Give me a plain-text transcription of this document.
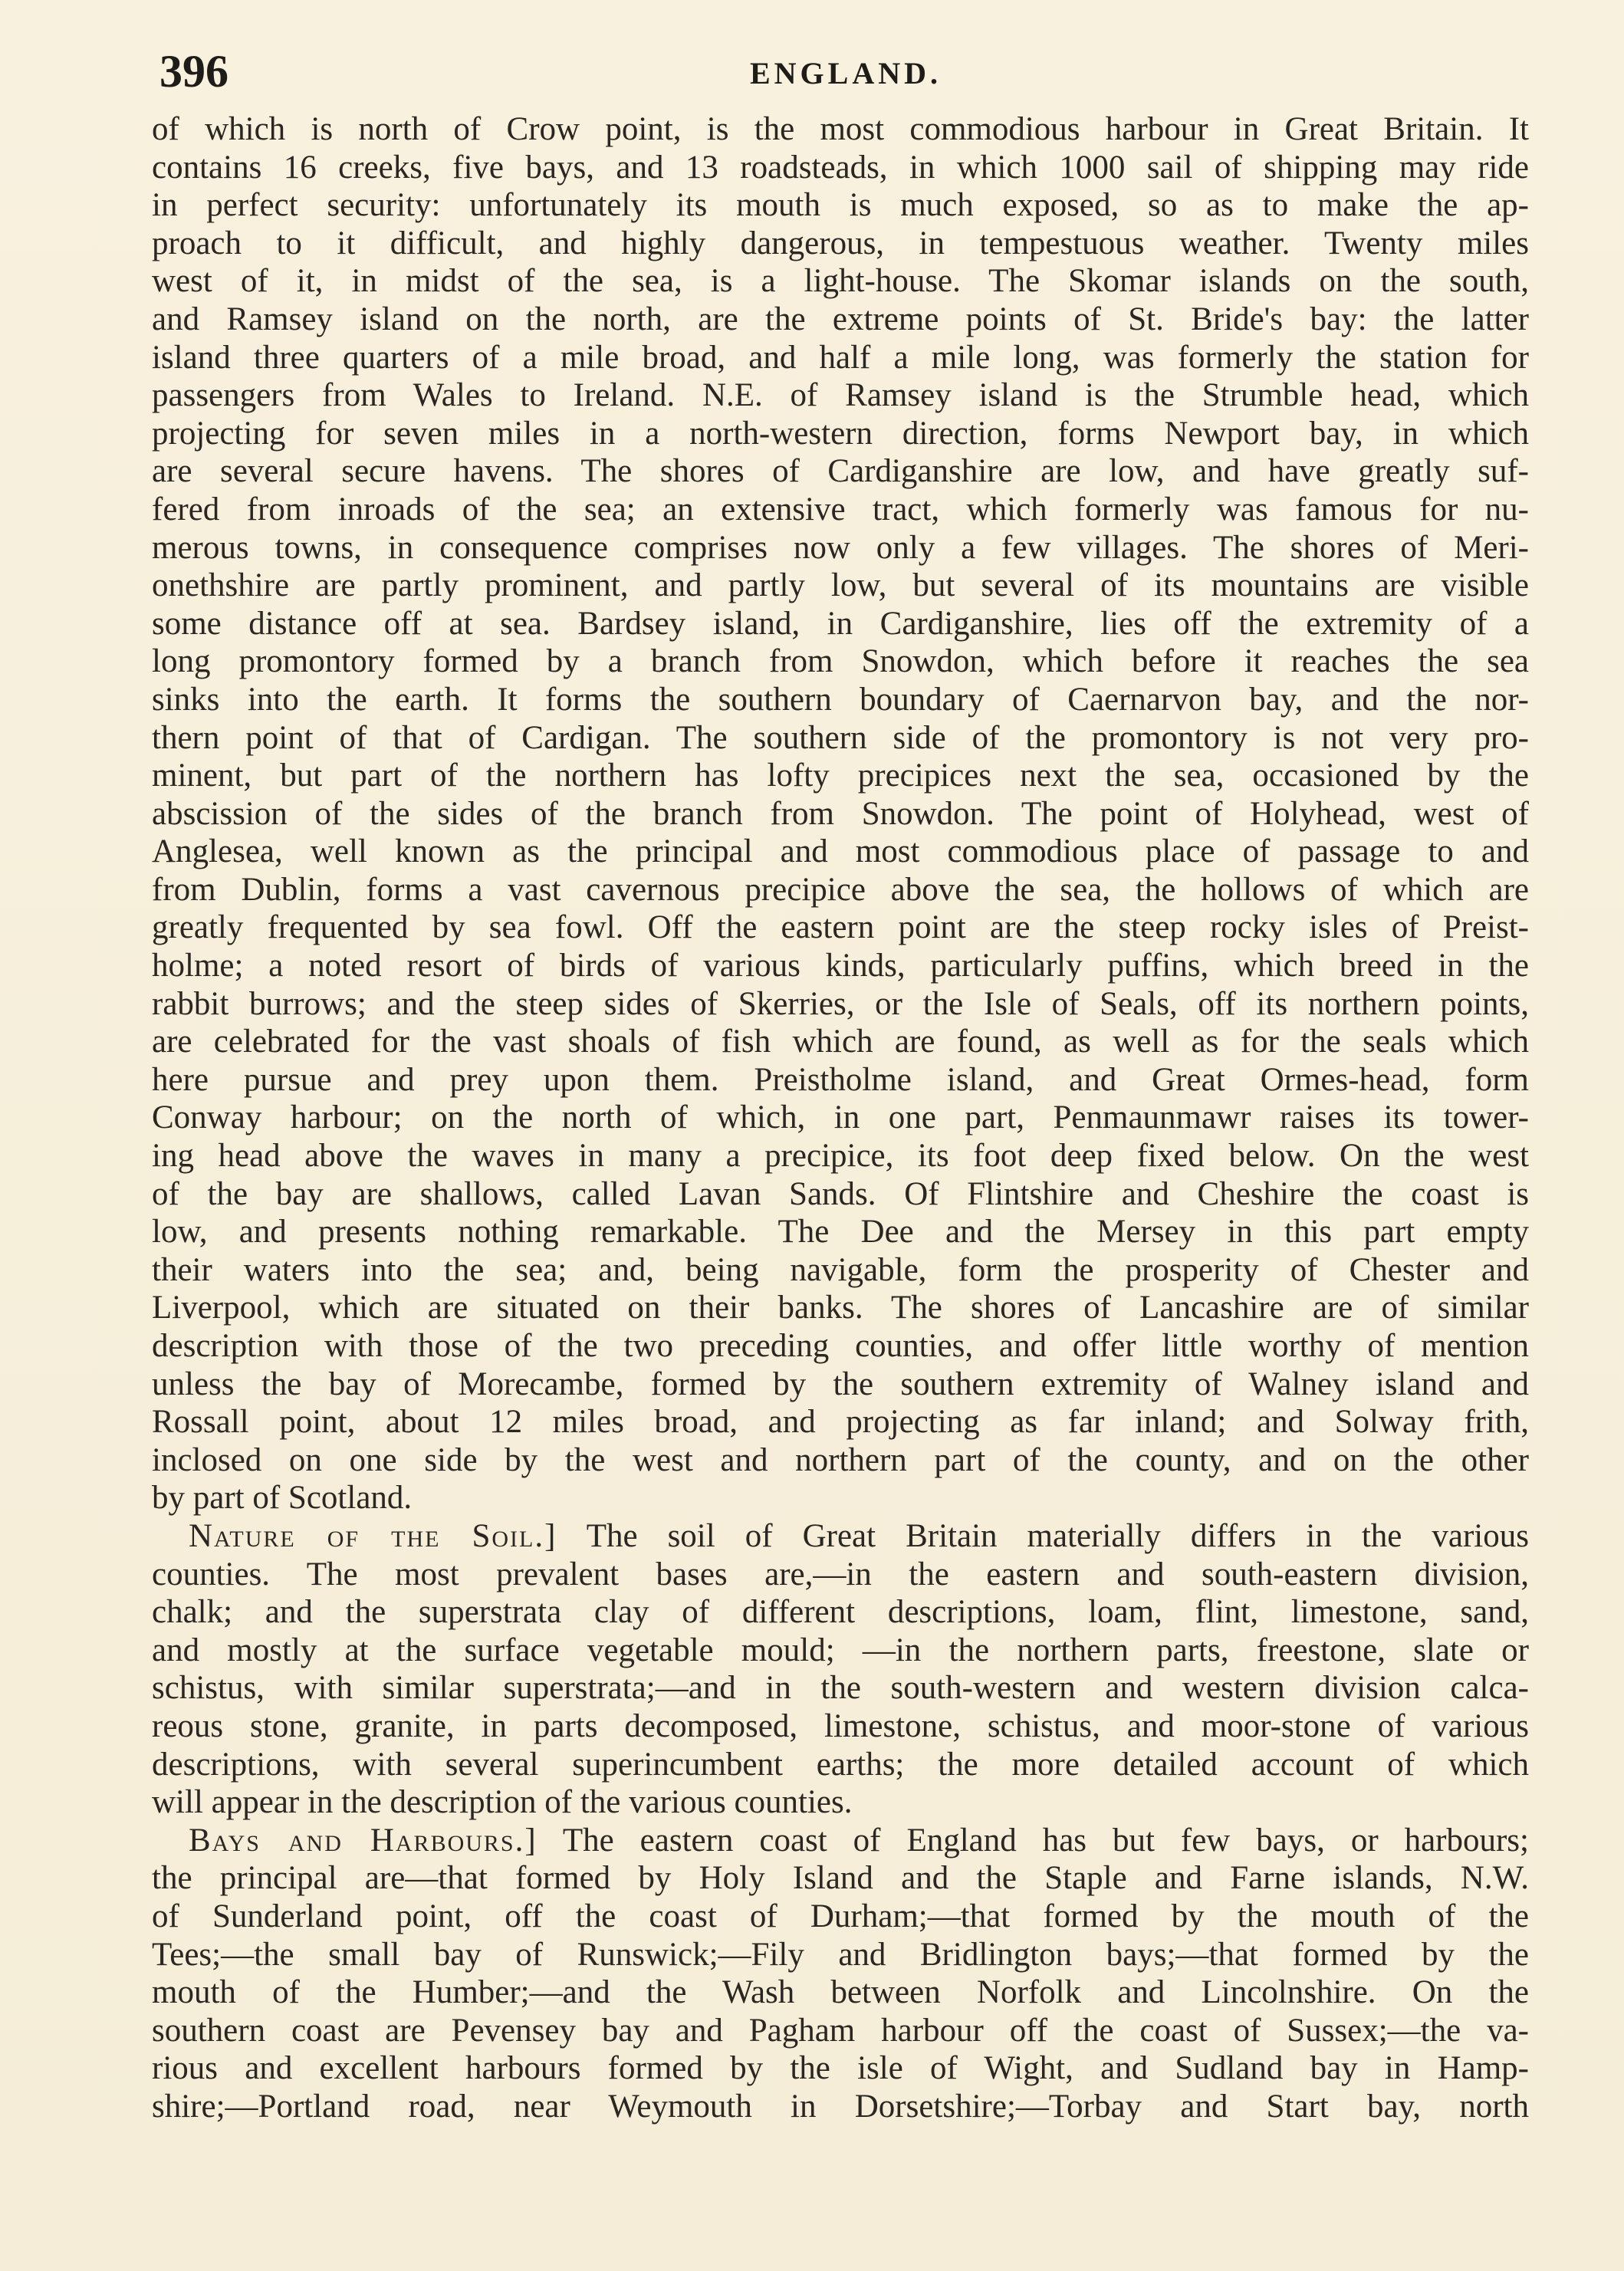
396	ENGLAND.
of which is north of Crow point, is the most commodious harbour in Great Britain. It
contains 16 creeks, five bays, and 13 roadsteads, in which 1000 sail of shipping may ride
in perfect security: unfortunately its mouth is much exposed, so as to make the ap-
proach to it difficult, and highly dangerous, in tempestuous weather. Twenty miles
west of it, in midst of the sea, is a light-house. The Skomar islands on the south,
and Ramsey island on the north, are the extreme points of St. Bride's bay: the latter
island three quarters of a mile broad, and half a mile long, was formerly the station for
passengers from Wales to Ireland. N.E. of Ramsey island is the Strumble head, which
projecting for seven miles in a north-western direction, forms Newport bay, in which
are several secure havens. The shores of Cardiganshire are low, and have greatly suf-
fered from inroads of the sea; an extensive tract, which formerly was famous for nu-
merous towns, in consequence comprises now only a few villages. The shores of Meri-
onethshire are partly prominent, and partly low, but several of its mountains are visible
some distance off at sea. Bardsey island, in Cardiganshire, lies off the extremity of a
long promontory formed by a branch from Snowdon, which before it reaches the sea
sinks into the earth. It forms the southern boundary of Caernarvon bay, and the nor-
thern point of that of Cardigan. The southern side of the promontory is not very pro-
minent, but part of the northern has lofty precipices next the sea, occasioned by the
abscission of the sides of the branch from Snowdon. The point of Holyhead, west of
Anglesea, well known as the principal and most commodious place of passage to and
from Dublin, forms a vast cavernous precipice above the sea, the hollows of which are
greatly frequented by sea fowl. Off the eastern point are the steep rocky isles of Preist-
holme; a noted resort of birds of various kinds, particularly puffins, which breed in the
rabbit burrows; and the steep sides of Skerries, or the Isle of Seals, off its northern points,
are celebrated for the vast shoals of fish which are found, as well as for the seals which
here pursue and prey upon them. Preistholme island, and Great Ormes-head, form
Conway harbour; on the north of which, in one part, Penmaunmawr raises its tower-
ing head above the waves in many a precipice, its foot deep fixed below. On the west
of the bay are shallows, called Lavan Sands. Of Flintshire and Cheshire the coast is
low, and presents nothing remarkable. The Dee and the Mersey in this part empty
their waters into the sea; and, being navigable, form the prosperity of Chester and
Liverpool, which are situated on their banks. The shores of Lancashire are of similar
description with those of the two preceding counties, and offer little worthy of mention
unless the bay of Morecambe, formed by the southern extremity of Walney island and
Rossall point, about 12 miles broad, and projecting as far inland; and Solway frith,
inclosed on one side by the west and northern part of the county, and on the other
by part of Scotland.
Nature of the Soil.] The soil of Great Britain materially differs in the various
counties. The most prevalent bases are,—in the eastern and south-eastern division,
chalk; and the superstrata clay of different descriptions, loam, flint, limestone, sand,
and mostly at the surface vegetable mould; —in the northern parts, freestone, slate or
schistus, with similar superstrata;—and in the south-western and western division calca-
reous stone, granite, in parts decomposed, limestone, schistus, and moor-stone of various
descriptions, with several superincumbent earths; the more detailed account of which
will appear in the description of the various counties.
Bays and Harbours.] The eastern coast of England has but few bays, or harbours;
the principal are—that formed by Holy Island and the Staple and Farne islands, N.W.
of Sunderland point, off the coast of Durham;—that formed by the mouth of the
Tees;—the small bay of Runswick;—Fily and Bridlington bays;—that formed by the
mouth of the Humber;—and the Wash between Norfolk and Lincolnshire. On the
southern coast are Pevensey bay and Pagham harbour off the coast of Sussex;—the va-
rious and excellent harbours formed by the isle of Wight, and Sudland bay in Hamp-
shire;—Portland road, near Weymouth in Dorsetshire;—Torbay and Start bay, north
